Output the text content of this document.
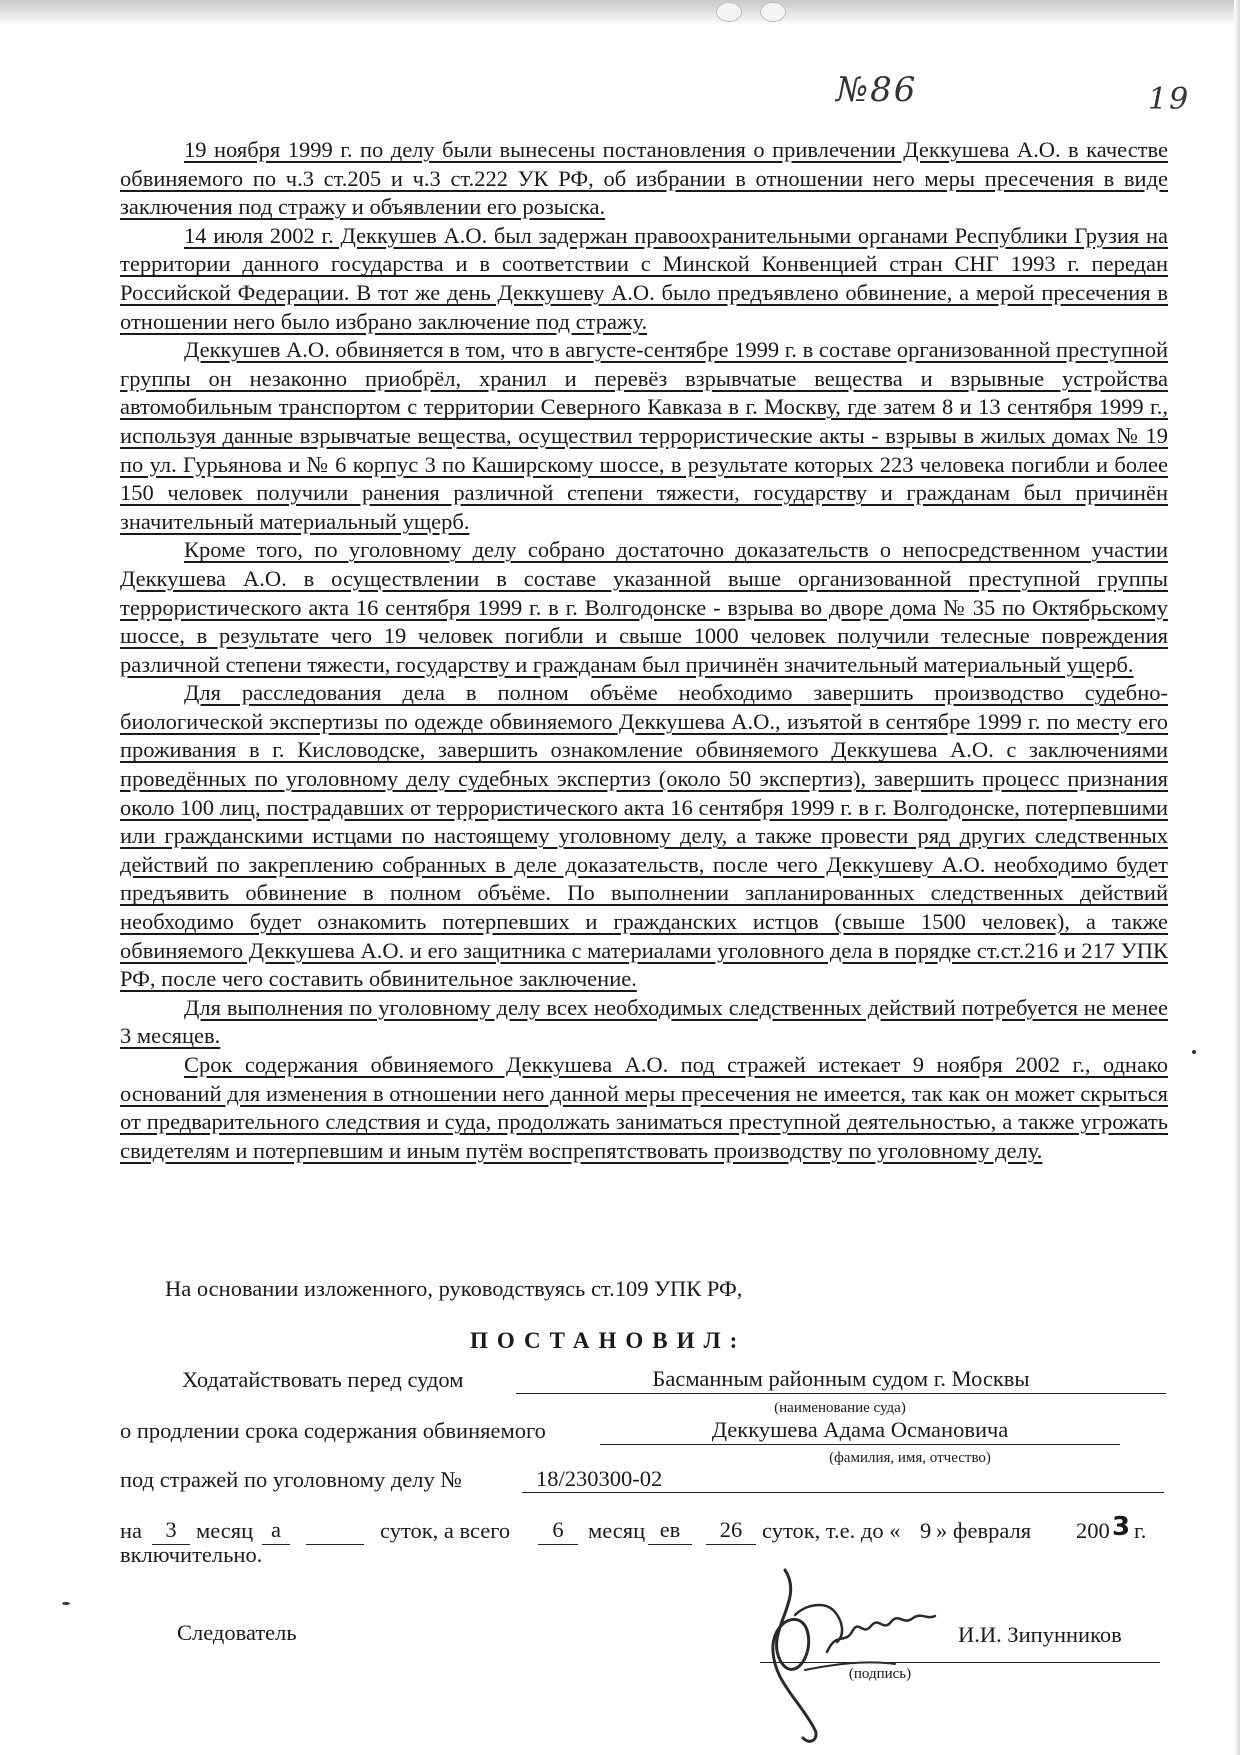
№86	19

19 ноября 1999 г. по делу были вынесены постановления о привлечении Деккушева А.О. в качестве обвиняемого по ч.3 ст.205 и ч.3 ст.222 УК РФ, об избрании в отношении него меры пресечения в виде заключения под стражу и объявлении его розыска.

14 июля 2002 г. Деккушев А.О. был задержан правоохранительными органами Республики Грузия на территории данного государства и в соответствии с Минской Конвенцией стран СНГ 1993 г. передан Российской Федерации. В тот же день Деккушеву А.О. было предъявлено обвинение, а мерой пресечения в отношении него было избрано заключение под стражу.

Деккушев А.О. обвиняется в том, что в августе-сентябре 1999 г. в составе организованной преступной группы он незаконно приобрёл, хранил и перевёз взрывчатые вещества и взрывные устройства автомобильным транспортом с территории Северного Кавказа в г. Москву, где затем 8 и 13 сентября 1999 г., используя данные взрывчатые вещества, осуществил террористические акты - взрывы в жилых домах № 19 по ул. Гурьянова и № 6 корпус 3 по Каширскому шоссе, в результате которых 223 человека погибли и более 150 человек получили ранения различной степени тяжести, государству и гражданам был причинён значительный материальный ущерб.

Кроме того, по уголовному делу собрано достаточно доказательств о непосредственном участии Деккушева А.О. в осуществлении в составе указанной выше организованной преступной группы террористического акта 16 сентября 1999 г. в г. Волгодонске - взрыва во дворе дома № 35 по Октябрьскому шоссе, в результате чего 19 человек погибли и свыше 1000 человек получили телесные повреждения различной степени тяжести, государству и гражданам был причинён значительный материальный ущерб.

Для расследования дела в полном объёме необходимо завершить производство судебно-биологической экспертизы по одежде обвиняемого Деккушева А.О., изъятой в сентябре 1999 г. по месту его проживания в г. Кисловодске, завершить ознакомление обвиняемого Деккушева А.О. с заключениями проведённых по уголовному делу судебных экспертиз (около 50 экспертиз), завершить процесс признания около 100 лиц, пострадавших от террористического акта 16 сентября 1999 г. в г. Волгодонске, потерпевшими или гражданскими истцами по настоящему уголовному делу, а также провести ряд других следственных действий по закреплению собранных в деле доказательств, после чего Деккушеву А.О. необходимо будет предъявить обвинение в полном объёме. По выполнении запланированных следственных действий необходимо будет ознакомить потерпевших и гражданских истцов (свыше 1500 человек), а также обвиняемого Деккушева А.О. и его защитника с материалами уголовного дела в порядке ст.ст.216 и 217 УПК РФ, после чего составить обвинительное заключение.

Для выполнения по уголовному делу всех необходимых следственных действий потребуется не менее 3 месяцев.

Срок содержания обвиняемого Деккушева А.О. под стражей истекает 9 ноября 2002 г., однако оснований для изменения в отношении него данной меры пресечения не имеется, так как он может скрыться от предварительного следствия и суда, продолжать заниматься преступной деятельностью, а также угрожать свидетелям и потерпевшим и иным путём воспрепятствовать производству по уголовному делу.

На основании изложенного, руководствуясь ст.109 УПК РФ,
ПОСТАНОВИЛ:
Ходатайствовать перед судом	Басманным районным судом г. Москвы
(наименование суда)
о продлении срока содержания обвиняемого	Деккушева Адама Османовича
(фамилия, имя, отчество)
под стражей по уголовному делу №	18/230300-02
на	3 месяц а	суток, а всего	6	месяц ев	26 суток, т.е. до « 9 » февраля 200 3 г.
включительно.
Следователь
(подпись)
И.И. Зипунников
